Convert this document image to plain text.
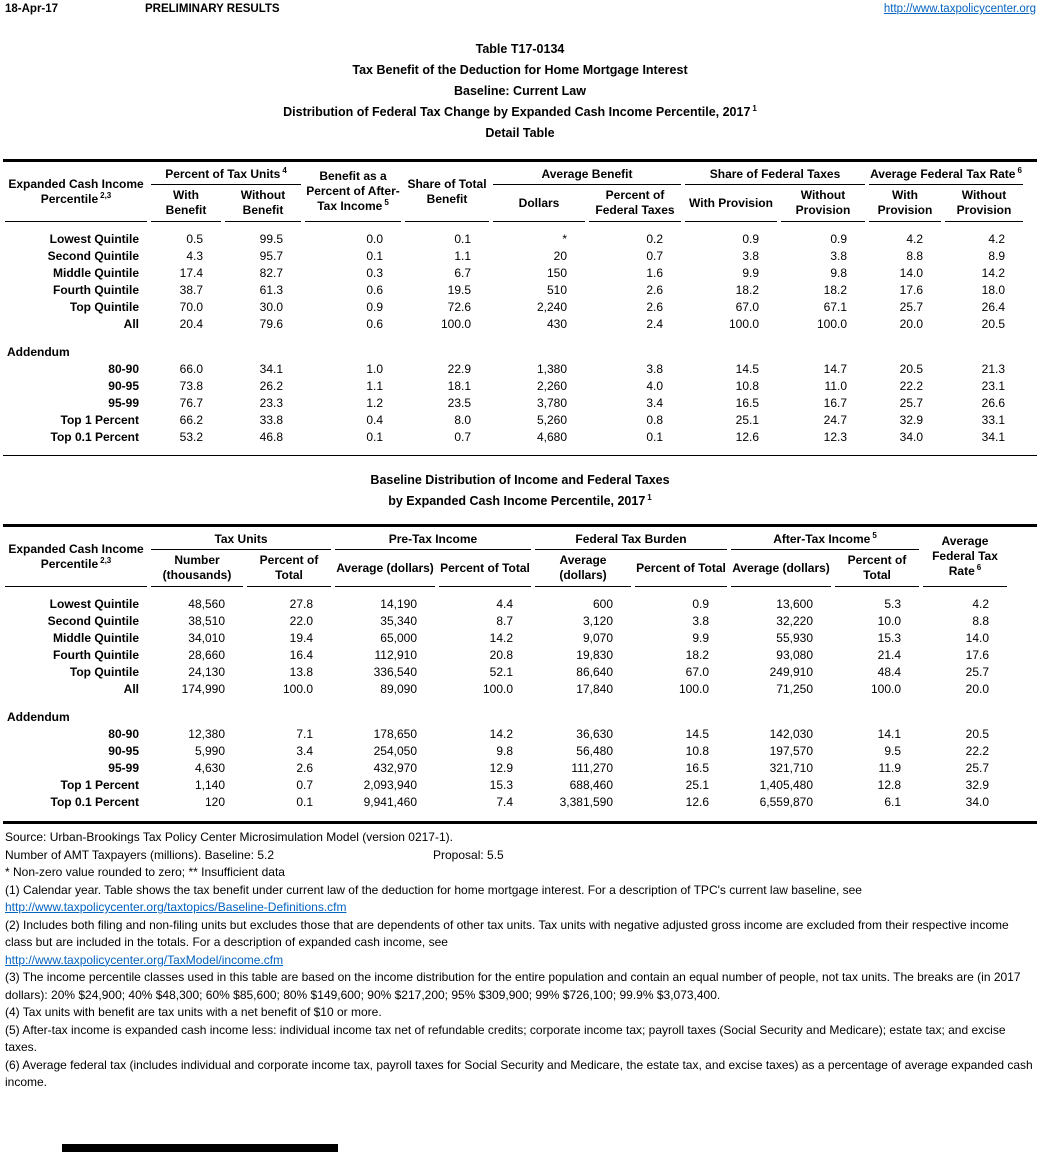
18-Apr-17	PRELIMINARY RESULTS	http://www.taxpolicycenter.org
Table T17-0134
Tax Benefit of the Deduction for Home Mortgage Interest
Baseline: Current Law
Distribution of Federal Tax Change by Expanded Cash Income Percentile, 2017 $^1$
Detail Table
Expanded Cash Income
Percentile $^{2,3}$	Percent of Tax Units $^4$		Benefit as a Percent of After-Tax Income $^5$	Share of Total Benefit	Average Benefit		Share of Federal Taxes		Average Federal Tax Rate $^6$
	With Benefit	Without Benefit			Dollars	Percent of Federal Taxes	With Provision	Without Provision	With Provision	Without Provision

Lowest Quintile	0.5	99.5	0.0	0.1	*	0.2	0.9	0.9	4.2	4.2
Second Quintile	4.3	95.7	0.1	1.1	20	0.7	3.8	3.8	8.8	8.9
Middle Quintile	17.4	82.7	0.3	6.7	150	1.6	9.9	9.8	14.0	14.2
Fourth Quintile	38.7	61.3	0.6	19.5	510	2.6	18.2	18.2	17.6	18.0
Top Quintile	70.0	30.0	0.9	72.6	2,240	2.6	67.0	67.1	25.7	26.4
All	20.4	79.6	0.6	100.0	430	2.4	100.0	100.0	20.0	20.5

Addendum										
80-90	66.0	34.1	1.0	22.9	1,380	3.8	14.5	14.7	20.5	21.3
90-95	73.8	26.2	1.1	18.1	2,260	4.0	10.8	11.0	22.2	23.1
95-99	76.7	23.3	1.2	23.5	3,780	3.4	16.5	16.7	25.7	26.6
Top 1 Percent	66.2	33.8	0.4	8.0	5,260	0.8	25.1	24.7	32.9	33.1
Top 0.1 Percent	53.2	46.8	0.1	0.7	4,680	0.1	12.6	12.3	34.0	34.1
Baseline Distribution of Income and Federal Taxes
by Expanded Cash Income Percentile, 2017 $^1$
Expanded Cash Income
Percentile $^{2,3}$	Tax Units		Pre-Tax Income		Federal Tax Burden		After-Tax Income $^5$		Average Federal Tax Rate $^6$
	Number (thousands)	Percent of Total	Average (dollars)	Percent of Total	Average (dollars)	Percent of Total	Average (dollars)	Percent of Total	

Lowest Quintile	48,560	27.8	14,190	4.4	600	0.9	13,600	5.3	4.2
Second Quintile	38,510	22.0	35,340	8.7	3,120	3.8	32,220	10.0	8.8
Middle Quintile	34,010	19.4	65,000	14.2	9,070	9.9	55,930	15.3	14.0
Fourth Quintile	28,660	16.4	112,910	20.8	19,830	18.2	93,080	21.4	17.6
Top Quintile	24,130	13.8	336,540	52.1	86,640	67.0	249,910	48.4	25.7
All	174,990	100.0	89,090	100.0	17,840	100.0	71,250	100.0	20.0

Addendum									
80-90	12,380	7.1	178,650	14.2	36,630	14.5	142,030	14.1	20.5
90-95	5,990	3.4	254,050	9.8	56,480	10.8	197,570	9.5	22.2
95-99	4,630	2.6	432,970	12.9	111,270	16.5	321,710	11.9	25.7
Top 1 Percent	1,140	0.7	2,093,940	15.3	688,460	25.1	1,405,480	12.8	32.9
Top 0.1 Percent	120	0.1	9,941,460	7.4	3,381,590	12.6	6,559,870	6.1	34.0

Source: Urban-Brookings Tax Policy Center Microsimulation Model (version 0217-1).

Number of AMT Taxpayers (millions). Baseline: 5.2	Proposal: 5.5

* Non-zero value rounded to zero; ** Insufficient data

(1) Calendar year. Table shows the tax benefit under current law of the deduction for home mortgage interest. For a description of TPC's current law baseline, see

http://www.taxpolicycenter.org/taxtopics/Baseline-Definitions.cfm

(2) Includes both filing and non-filing units but excludes those that are dependents of other tax units. Tax units with negative adjusted gross income are excluded from their respective income class but are included in the totals. For a description of expanded cash income, see

http://www.taxpolicycenter.org/TaxModel/income.cfm

(3) The income percentile classes used in this table are based on the income distribution for the entire population and contain an equal number of people, not tax units. The breaks are (in 2017 dollars): 20% $24,900; 40% $48,300; 60% $85,600; 80% $149,600; 90% $217,200; 95% $309,900; 99% $726,100; 99.9% $3,073,400.

(4) Tax units with benefit are tax units with a net benefit of $10 or more.

(5) After-tax income is expanded cash income less: individual income tax net of refundable credits; corporate income tax; payroll taxes (Social Security and Medicare); estate tax; and excise taxes.

(6) Average federal tax (includes individual and corporate income tax, payroll taxes for Social Security and Medicare, the estate tax, and excise taxes) as a percentage of average expanded cash income.
